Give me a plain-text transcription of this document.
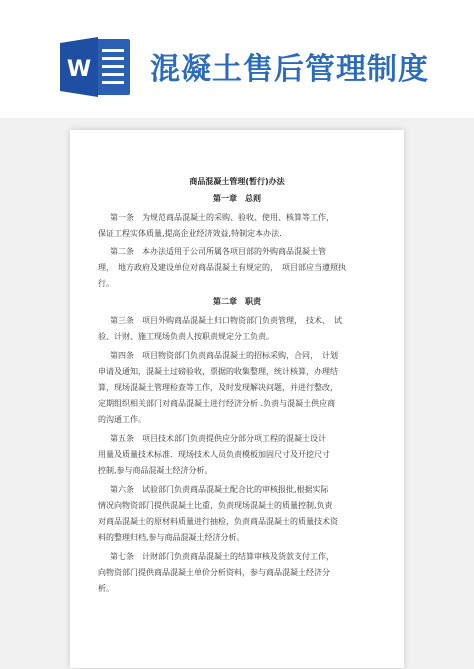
W 混凝土售后管理制度
商品混凝土管理(暂行)办法
第一章　总则
第一条　为规范商品混凝土的采购、验收、使用、核算等工作，
保证工程实体质量,提高企业经济效益,特制定本办法.
第二条　本办法适用于公司所属各项目部的外购商品混凝土管
理，　地方政府及建设单位对商品混凝土有规定的，　项目部应当遵照执
行。
第二章　职责
第三条　项目外购商品混凝土归口物资部门负责管理，　技术、　试
验、计财、施工现场负责人按职责规定分工负责。
第四条　项目物资部门负责商品混凝土的招标采购，合同，　计划
申请及通知，混凝土过磅验收，票据的收集整理，统计核算，办理结
算，现场混凝土管理检查等工作，及时发现解决问题，并进行整改，
定期组织相关部门对商品混凝土进行经济分析 .负责与混凝土供应商
的沟通工作。
第五条　项目技术部门负责提供应分部分项工程的混凝土设计
用量及质量技术标准．现场技术人员负责模板加固尺寸及开挖尺寸
控制,参与商品混凝土经济分析。
第六条　试验部门负责商品混凝土配合比的审核报批,根据实际
情况向物资部门提供混凝土比重，负责现场混凝土的质量控制,负责
对商品混凝土的原材料质量进行抽检，负责商品混凝土的质量技术资
料的整理归档,参与商品混凝土经济分析。
第七条　计财部门负责商品混凝土的结算审核及货款支付工作，
向物资部门提供商品混凝土单价分析资料，参与商品混凝土经济分
析。
